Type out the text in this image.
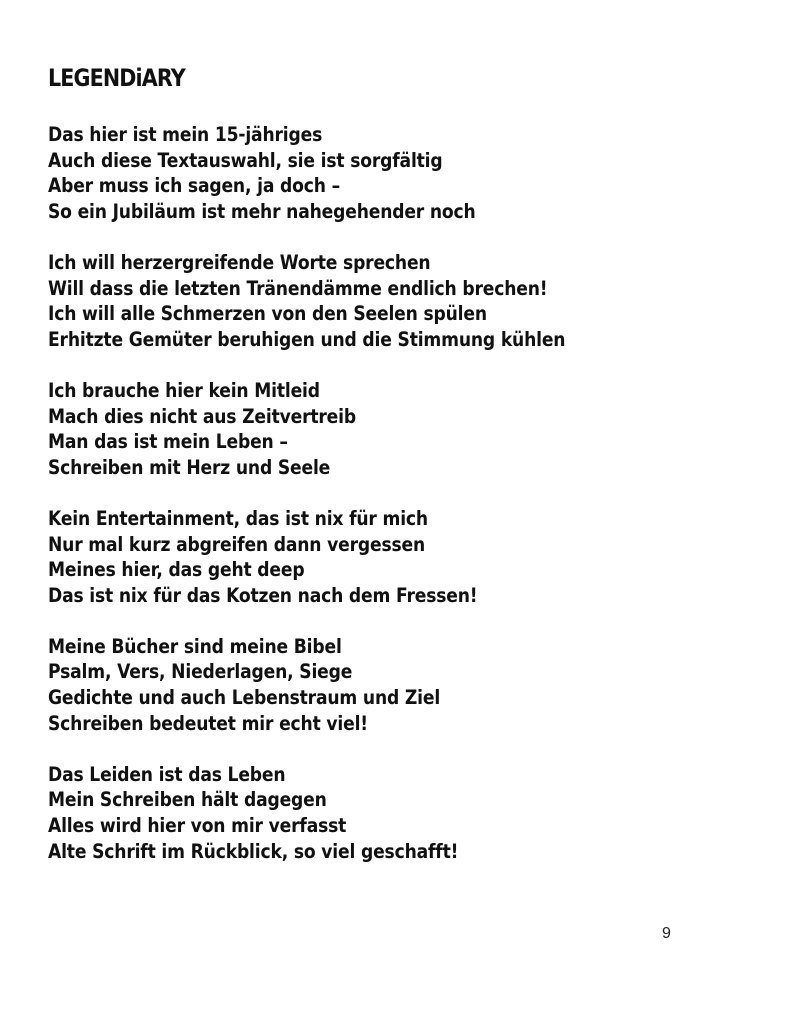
LEGENDiARY
Das hier ist mein 15-jähriges
Auch diese Textauswahl, sie ist sorgfältig
Aber muss ich sagen, ja doch –
So ein Jubiläum ist mehr nahegehender noch
Ich will herzergreifende Worte sprechen
Will dass die letzten Tränendämme endlich brechen!
Ich will alle Schmerzen von den Seelen spülen
Erhitzte Gemüter beruhigen und die Stimmung kühlen
Ich brauche hier kein Mitleid
Mach dies nicht aus Zeitvertreib
Man das ist mein Leben –
Schreiben mit Herz und Seele
Kein Entertainment, das ist nix für mich
Nur mal kurz abgreifen dann vergessen
Meines hier, das geht deep
Das ist nix für das Kotzen nach dem Fressen!
Meine Bücher sind meine Bibel
Psalm, Vers, Niederlagen, Siege
Gedichte und auch Lebenstraum und Ziel
Schreiben bedeutet mir echt viel!
Das Leiden ist das Leben
Mein Schreiben hält dagegen
Alles wird hier von mir verfasst
Alte Schrift im Rückblick, so viel geschafft!
9
